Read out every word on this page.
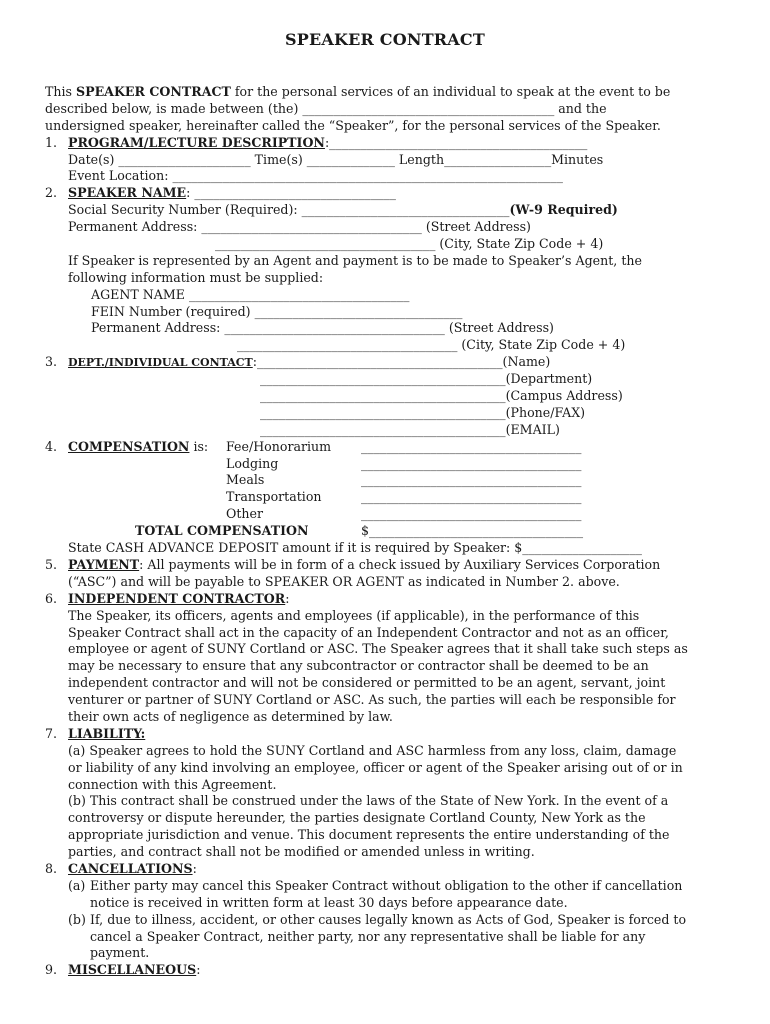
SPEAKER CONTRACT
This SPEAKER CONTRACT for the personal services of an individual to speak at the event to be
described below, is made between (the) ________________________________________ and the
undersigned speaker, hereinafter called the “Speaker”, for the personal services of the Speaker.
1. PROGRAM/LECTURE DESCRIPTION:_________________________________________
Date(s) _____________________ Time(s) ______________ Length_________________Minutes
Event Location: ______________________________________________________________
2. SPEAKER NAME: ________________________________
Social Security Number (Required): _________________________________(W-9 Required)
Permanent Address: ___________________________________ (Street Address)
___________________________________ (City, State Zip Code + 4)
If Speaker is represented by an Agent and payment is to be made to Speaker’s Agent, the
following information must be supplied:
AGENT NAME ___________________________________
FEIN Number (required) _________________________________
Permanent Address: ___________________________________ (Street Address)
___________________________________ (City, State Zip Code + 4)
3. DEPT./INDIVIDUAL CONTACT:_______________________________________(Name)
_______________________________________(Department)
_______________________________________(Campus Address)
_______________________________________(Phone/FAX)
_______________________________________(EMAIL)
4. COMPENSATION is: Fee/Honorarium ___________________________________
Lodging	___________________________________
Meals	___________________________________
Transportation	___________________________________
Other	___________________________________
TOTAL COMPENSATION	$__________________________________
State CASH ADVANCE DEPOSIT amount if it is required by Speaker: $___________________
5. PAYMENT: All payments will be in form of a check issued by Auxiliary Services Corporation
(“ASC”) and will be payable to SPEAKER OR AGENT as indicated in Number 2. above.
6. INDEPENDENT CONTRACTOR:
The Speaker, its officers, agents and employees (if applicable), in the performance of this
Speaker Contract shall act in the capacity of an Independent Contractor and not as an officer,
employee or agent of SUNY Cortland or ASC. The Speaker agrees that it shall take such steps as
may be necessary to ensure that any subcontractor or contractor shall be deemed to be an
independent contractor and will not be considered or permitted to be an agent, servant, joint
venturer or partner of SUNY Cortland or ASC. As such, the parties will each be responsible for
their own acts of negligence as determined by law.
7. LIABILITY:
(a) Speaker agrees to hold the SUNY Cortland and ASC harmless from any loss, claim, damage
or liability of any kind involving an employee, officer or agent of the Speaker arising out of or in
connection with this Agreement.
(b) This contract shall be construed under the laws of the State of New York. In the event of a
controversy or dispute hereunder, the parties designate Cortland County, New York as the
appropriate jurisdiction and venue. This document represents the entire understanding of the
parties, and contract shall not be modified or amended unless in writing.
8. CANCELLATIONS:
(a) Either party may cancel this Speaker Contract without obligation to the other if cancellation
notice is received in written form at least 30 days before appearance date.
(b) If, due to illness, accident, or other causes legally known as Acts of God, Speaker is forced to
cancel a Speaker Contract, neither party, nor any representative shall be liable for any
payment.
9. MISCELLANEOUS:
